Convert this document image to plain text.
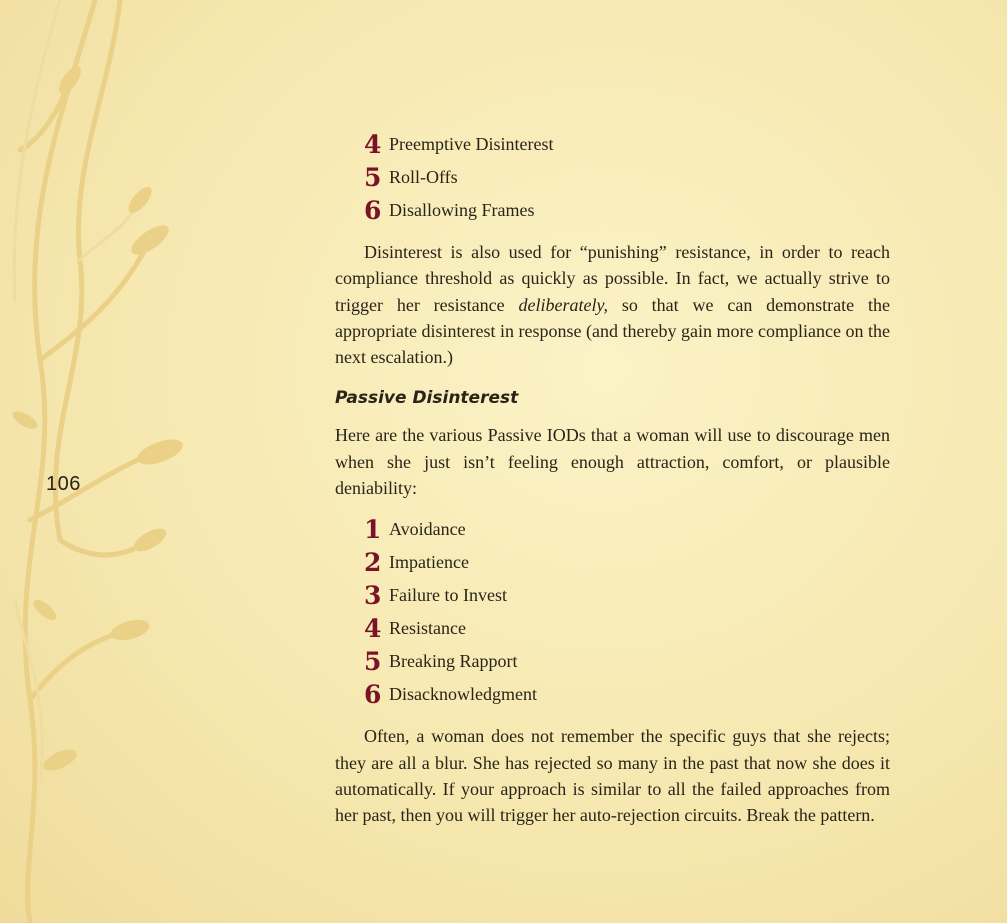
106
4 Preemptive Disinterest
5 Roll-Offs
6 Disallowing Frames

Disinterest is also used for “punishing” resistance, in order to reach compliance threshold as quickly as possible. In fact, we actually strive to trigger her resistance deliberately, so that we can demonstrate the appropriate disinterest in response (and thereby gain more compliance on the next escalation.)

Passive Disinterest

Here are the various Passive IODs that a woman will use to discourage men when she just isn’t feeling enough attraction, comfort, or plausible deniability:

1 Avoidance
2 Impatience
3 Failure to Invest
4 Resistance
5 Breaking Rapport
6 Disacknowledgment

Often, a woman does not remember the specific guys that she rejects; they are all a blur. She has rejected so many in the past that now she does it automatically. If your approach is similar to all the failed approaches from her past, then you will trigger her auto-rejection circuits. Break the pattern.
